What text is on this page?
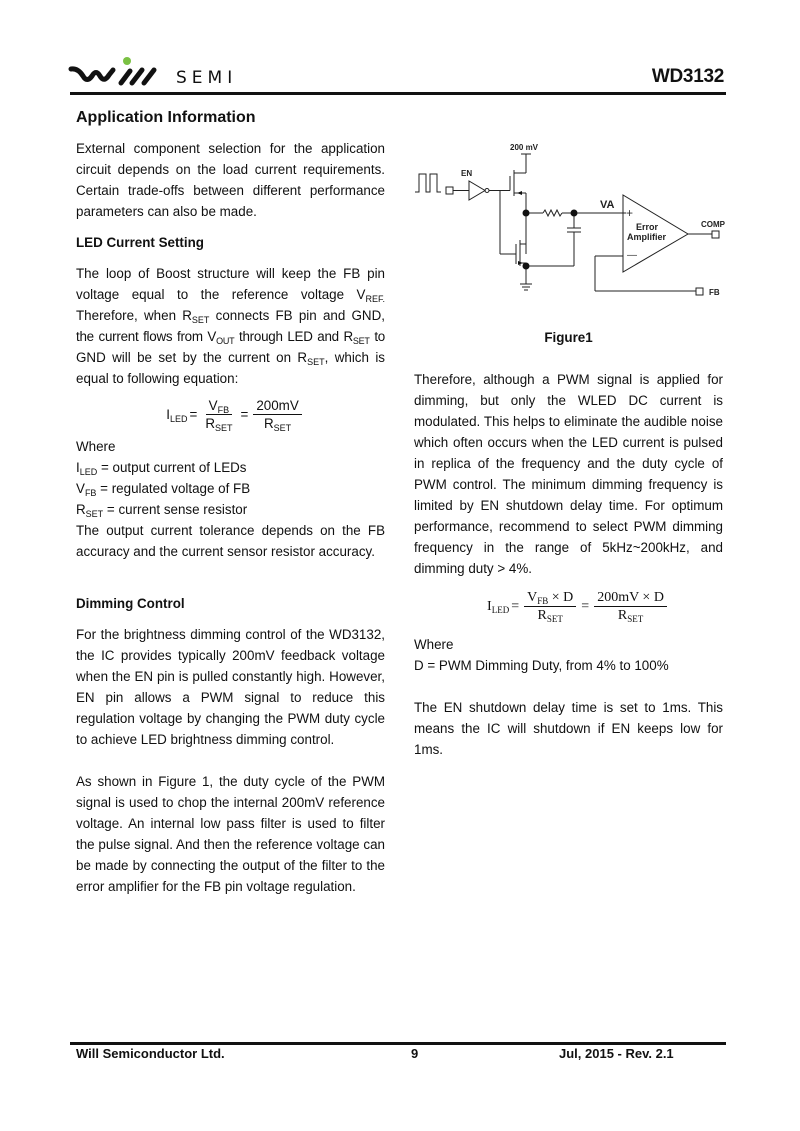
SEMI	WD3132
Application Information

External component selection for the application circuit depends on the load current requirements. Certain trade-offs between different performance parameters can also be made.

LED Current Setting
The loop of Boost structure will keep the FB pin
voltage equal to the reference voltage $V_{REF.}$
Therefore, when $R_{SET}$ connects FB pin and GND,
the current flows from $V_{OUT}$ through LED and $R_{SET}$ to
GND will be set by the current on $R_{SET}$, which is
equal to following equation:
$I_{LED} = \frac{V_{FB}}{R_{SET}} = \frac{200mV}{R_{SET}}$

Where

$I_{LED}$ = output current of LEDs

$V_{FB}$ = regulated voltage of FB

$R_{SET}$ = current sense resistor

The output current tolerance depends on the FB accuracy and the current sensor resistor accuracy.

Dimming Control

For the brightness dimming control of the WD3132, the IC provides typically 200mV feedback voltage when the EN pin is pulled constantly high. However, EN pin allows a PWM signal to reduce this regulation voltage by changing the PWM duty cycle to achieve LED brightness dimming control.

As shown in Figure 1, the duty cycle of the PWM signal is used to chop the internal 200mV reference voltage. An internal low pass filter is used to filter the pulse signal. And then the reference voltage can be made by connecting the output of the filter to the error amplifier for the FB pin voltage regulation.

200 mV
EN
VA
+
—
Error
Amplifier
COMP
FB
Figure1

Therefore, although a PWM signal is applied for dimming, but only the WLED DC current is modulated. This helps to eliminate the audible noise which often occurs when the LED current is pulsed in replica of the frequency and the duty cycle of PWM control. The minimum dimming frequency is limited by EN shutdown delay time. For optimum performance, recommend to select PWM dimming frequency in the range of 5kHz~200kHz, and dimming duty > 4%.

$I_{LED} = \frac{V_{FB} \times D}{R_{SET}} = \frac{200mV \times D}{R_{SET}}$

Where

D = PWM Dimming Duty, from 4% to 100%

The EN shutdown delay time is set to 1ms. This means the IC will shutdown if EN keeps low for 1ms.

Will Semiconductor Ltd.	9	Jul, 2015 - Rev. 2.1
